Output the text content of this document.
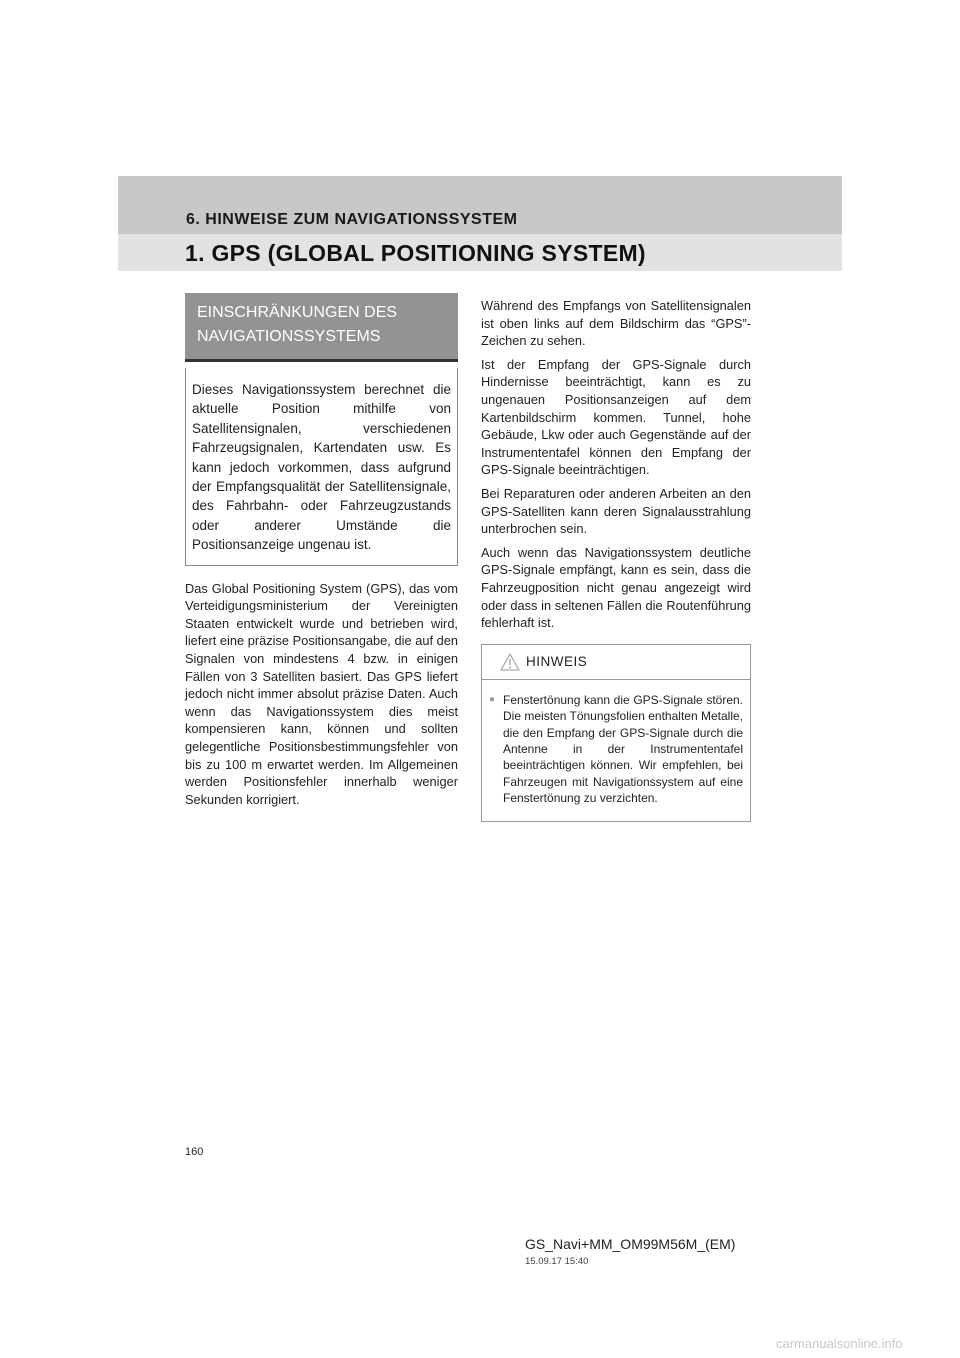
6. HINWEISE ZUM NAVIGATIONSSYSTEM
1. GPS (GLOBAL POSITIONING SYSTEM)
EINSCHRÄNKUNGEN DES
NAVIGATIONSSYSTEMS

Dieses Navigationssystem berechnet die aktuelle Position mithilfe von Satellitensignalen, verschiedenen Fahrzeugsignalen, Kartendaten usw. Es kann jedoch vorkommen, dass aufgrund der Empfangsqualität der Satellitensignale, des Fahrbahn- oder Fahrzeugzustands oder anderer Umstände die Positionsanzeige ungenau ist.

Das Global Positioning System (GPS), das vom Verteidigungsministerium der Vereinigten Staaten entwickelt wurde und betrieben wird, liefert eine präzise Positionsangabe, die auf den Signalen von mindestens 4 bzw. in einigen Fällen von 3 Satelliten basiert. Das GPS liefert jedoch nicht immer absolut präzise Daten. Auch wenn das Navigationssystem dies meist kompensieren kann, können und sollten gelegentliche Positionsbestimmungsfehler von bis zu 100 m erwartet werden. Im Allgemeinen werden Positionsfehler innerhalb weniger Sekunden korrigiert.

Während des Empfangs von Satellitensignalen ist oben links auf dem Bildschirm das “GPS”-Zeichen zu sehen.

Ist der Empfang der GPS-Signale durch Hindernisse beeinträchtigt, kann es zu ungenauen Positionsanzeigen auf dem Kartenbildschirm kommen. Tunnel, hohe Gebäude, Lkw oder auch Gegenstände auf der Instrumententafel können den Empfang der GPS-Signale beeinträchtigen.

Bei Reparaturen oder anderen Arbeiten an den GPS-Satelliten kann deren Signalausstrahlung unterbrochen sein.

Auch wenn das Navigationssystem deutliche GPS-Signale empfängt, kann es sein, dass die Fahrzeugposition nicht genau angezeigt wird oder dass in seltenen Fällen die Routenführung fehlerhaft ist.

HINWEIS
● Fenstertönung kann die GPS-Signale stören. Die meisten Tönungsfolien enthalten Metalle, die den Empfang der GPS-Signale durch die Antenne in der Instrumententafel beeinträchtigen können. Wir empfehlen, bei Fahrzeugen mit Navigationssystem auf eine Fenstertönung zu verzichten.

160
GS_Navi+MM_OM99M56M_(EM)
15.09.17 15:40
carmanualsonline.info
